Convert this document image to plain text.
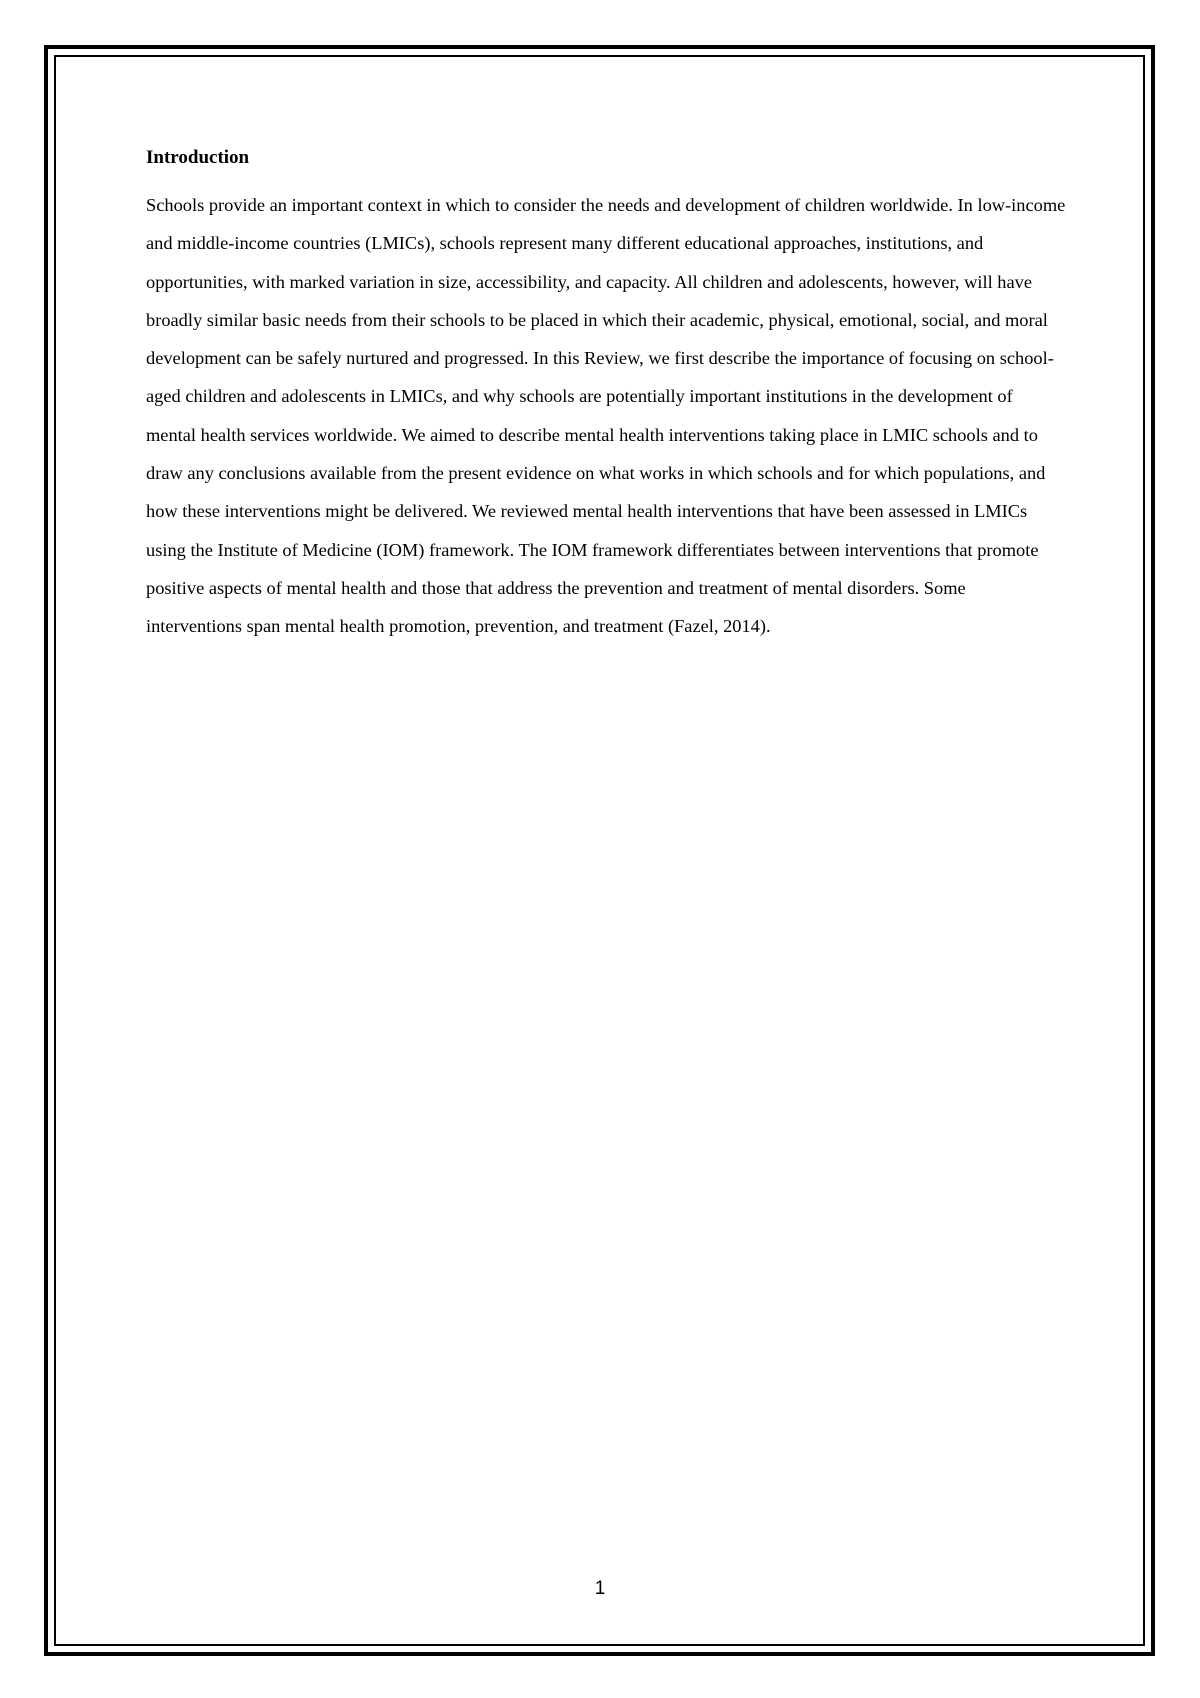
Introduction

Schools provide an important context in which to consider the needs and development of children worldwide. In low-income and middle-income countries (LMICs), schools represent many different educational approaches, institutions, and opportunities, with marked variation in size, accessibility, and capacity. All children and adolescents, however, will have broadly similar basic needs from their schools to be placed in which their academic, physical, emotional, social, and moral development can be safely nurtured and progressed. In this Review, we first describe the importance of focusing on school-aged children and adolescents in LMICs, and why schools are potentially important institutions in the development of mental health services worldwide. We aimed to describe mental health interventions taking place in LMIC schools and to draw any conclusions available from the present evidence on what works in which schools and for which populations, and how these interventions might be delivered. We reviewed mental health interventions that have been assessed in LMICs using the Institute of Medicine (IOM) framework. The IOM framework differentiates between interventions that promote positive aspects of mental health and those that address the prevention and treatment of mental disorders. Some interventions span mental health promotion, prevention, and treatment (Fazel, 2014).

1
